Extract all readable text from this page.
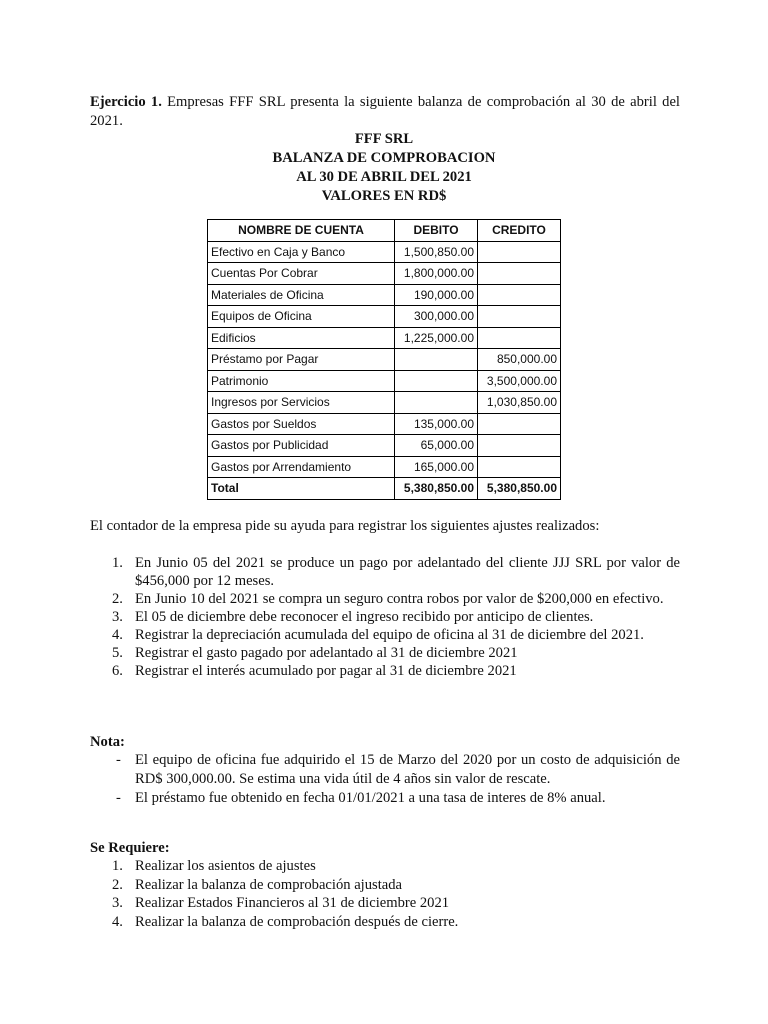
Ejercicio 1. Empresas FFF SRL presenta la siguiente balanza de comprobación al 30 de abril del 2021.
FFF SRL
BALANZA DE COMPROBACION
AL 30 DE ABRIL DEL 2021
VALORES EN RD$
NOMBRE DE CUENTA	DEBITO	CREDITO
Efectivo en Caja y Banco	1,500,850.00	
Cuentas Por Cobrar	1,800,000.00	
Materiales de Oficina	190,000.00	
Equipos de Oficina	300,000.00	
Edificios	1,225,000.00	
Préstamo por Pagar		850,000.00
Patrimonio		3,500,000.00
Ingresos por Servicios		1,030,850.00
Gastos por Sueldos	135,000.00	
Gastos por Publicidad	65,000.00	
Gastos por Arrendamiento	165,000.00	
Total	5,380,850.00	5,380,850.00
El contador de la empresa pide su ayuda para registrar los siguientes ajustes realizados:
1. En Junio 05 del 2021 se produce un pago por adelantado del cliente JJJ SRL por valor de $456,000 por 12 meses.
2. En Junio 10 del 2021 se compra un seguro contra robos por valor de $200,000 en efectivo.
3. El 05 de diciembre debe reconocer el ingreso recibido por anticipo de clientes.
4. Registrar la depreciación acumulada del equipo de oficina al 31 de diciembre del 2021.
5. Registrar el gasto pagado por adelantado al 31 de diciembre 2021
6. Registrar el interés acumulado por pagar al 31 de diciembre 2021
Nota:
- El equipo de oficina fue adquirido el 15 de Marzo del 2020 por un costo de adquisición de RD$ 300,000.00. Se estima una vida útil de 4 años sin valor de rescate.
- El préstamo fue obtenido en fecha 01/01/2021 a una tasa de interes de 8% anual.
Se Requiere:
1. Realizar los asientos de ajustes
2. Realizar la balanza de comprobación ajustada
3. Realizar Estados Financieros al 31 de diciembre 2021
4. Realizar la balanza de comprobación después de cierre.
